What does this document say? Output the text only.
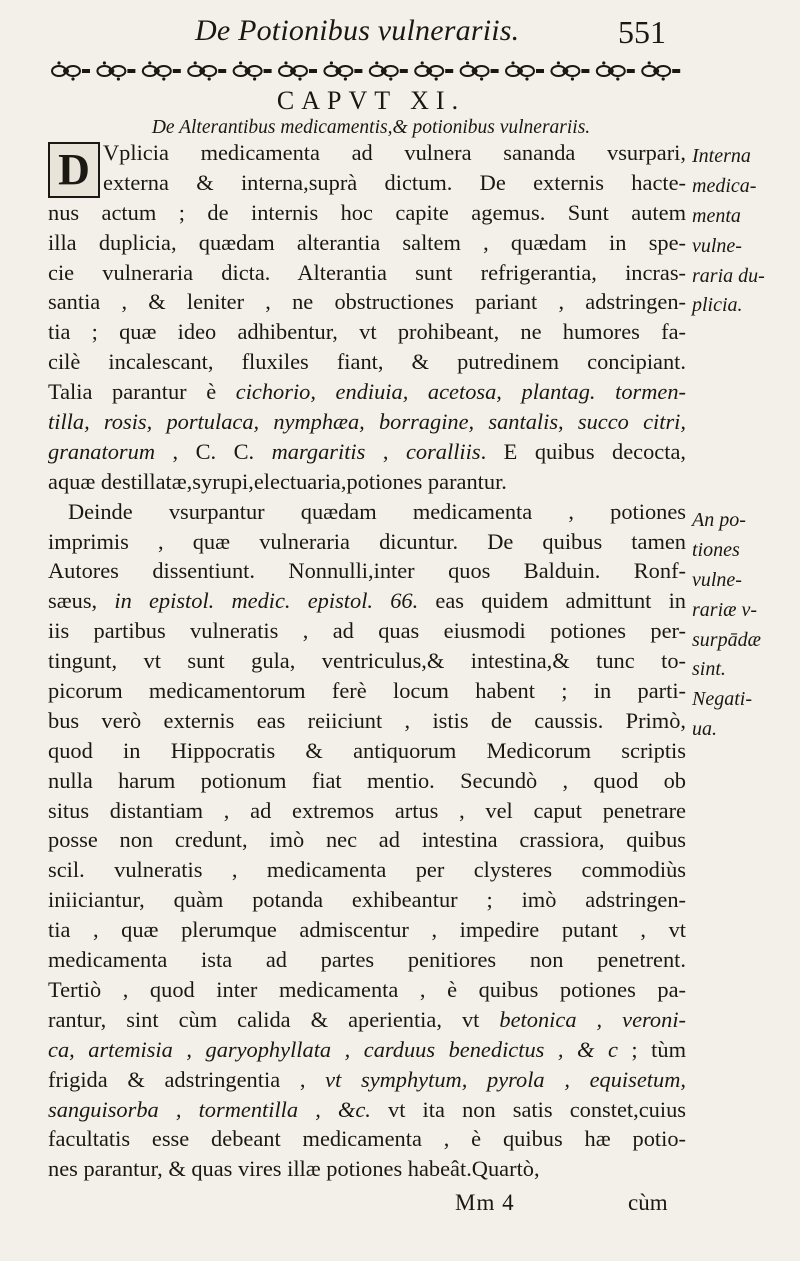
De Potionibus vulnerariis.	551
CAPVT XI.
De Alterantibus medicamentis,& potionibus vulnerariis.
D Vplicia medicamenta ad vulnera sananda vsurpari,
externa & interna,suprà dictum. De externis hacte-
nus actum ; de internis hoc capite agemus. Sunt autem
illa duplicia, quædam alterantia saltem , quædam in spe-
cie vulneraria dicta. Alterantia sunt refrigerantia, incras-
santia , & leniter , ne obstructiones pariant , adstringen-
tia ; quæ ideo adhibentur, vt prohibeant, ne humores fa-
cilè incalescant, fluxiles fiant, & putredinem concipiant.
Talia parantur è cichorio, endiuia, acetosa, plantag. tormen-
tilla, rosis, portulaca, nymphæa, borragine, santalis, succo citri,
granatorum , C. C. margaritis , coralliis. E quibus decocta,
aquæ destillatæ,syrupi,electuaria,potiones parantur.
Deinde vsurpantur quædam medicamenta , potiones
imprimis , quæ vulneraria dicuntur. De quibus tamen
Autores dissentiunt. Nonnulli,inter quos Balduin. Ronf-
sæus, in epistol. medic. epistol. 66. eas quidem admittunt in
iis partibus vulneratis , ad quas eiusmodi potiones per-
tingunt, vt sunt gula, ventriculus,& intestina,& tunc to-
picorum medicamentorum ferè locum habent ; in parti-
bus verò externis eas reiiciunt , istis de caussis. Primò,
quod in Hippocratis & antiquorum Medicorum scriptis
nulla harum potionum fiat mentio. Secundò , quod ob
situs distantiam , ad extremos artus , vel caput penetrare
posse non credunt, imò nec ad intestina crassiora, quibus
scil. vulneratis , medicamenta per clysteres commodiùs
iniiciantur, quàm potanda exhibeantur ; imò adstringen-
tia , quæ plerumque admiscentur , impedire putant , vt
medicamenta ista ad partes penitiores non penetrent.
Tertiò , quod inter medicamenta , è quibus potiones pa-
rantur, sint cùm calida & aperientia, vt betonica , veroni-
ca, artemisia , garyophyllata , carduus benedictus , & c ; tùm
frigida & adstringentia , vt symphytum, pyrola , equisetum,
sanguisorba , tormentilla , &c. vt ita non satis constet,cuius
facultatis esse debeant medicamenta , è quibus hæ potio-
nes parantur, & quas vires illæ potiones habeât.Quartò,
Interna
medica-
menta
vulne-
raria du-
plicia.
An po-
tiones
vulne-
rariæ v-
surpādæ
sint.
Negati-
ua.
Mm 4	cùm
